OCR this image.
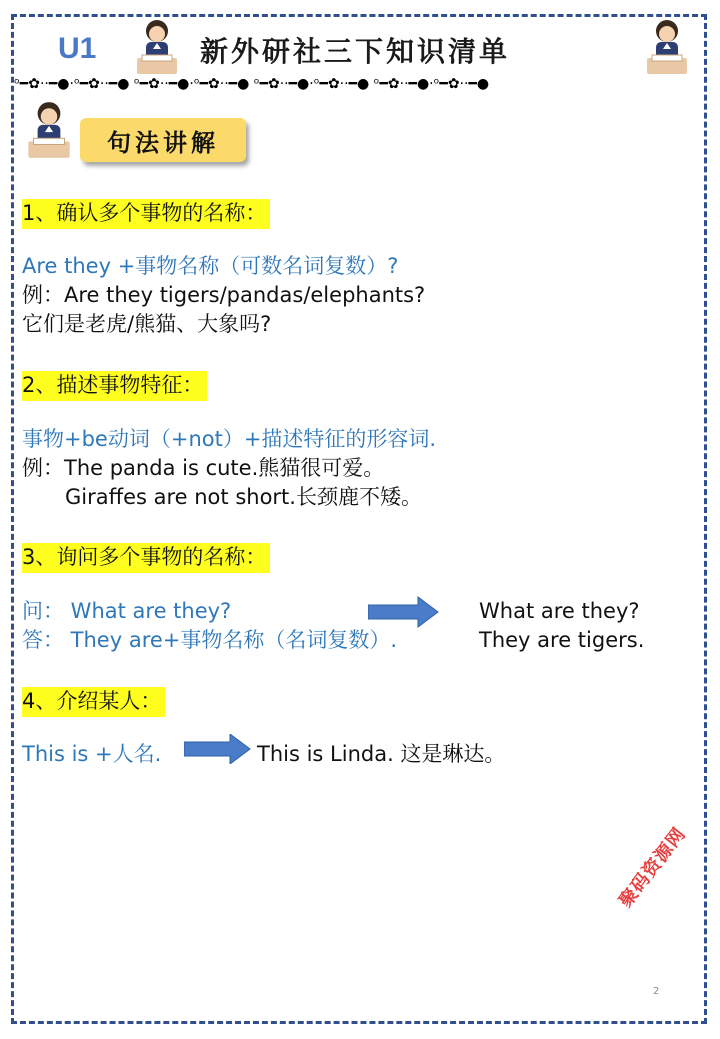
U1	新外研社三下知识清单
ᵒ━✿··━●·ᵒ━✿··━● ᵒ━✿··━●·ᵒ━✿··━● ᵒ━✿··━●·ᵒ━✿··━● ᵒ━✿··━●·ᵒ━✿··━●
句法讲解
1、确认多个事物的名称：
Are they +事物名称（可数名词复数）?
例：Are they tigers/pandas/elephants?
它们是老虎/熊猫、大象吗?
2、描述事物特征：
事物+be动词（+not）+描述特征的形容词.
例：The panda is cute.熊猫很可爱。
Giraffes are not short.长颈鹿不矮。
3、询问多个事物的名称：
问： What are they?
答： They are+事物名称（名词复数）.
What are they?
They are tigers.
4、介绍某人：
This is +人名.	This is Linda. 这是琳达。
聚码资源网
2
